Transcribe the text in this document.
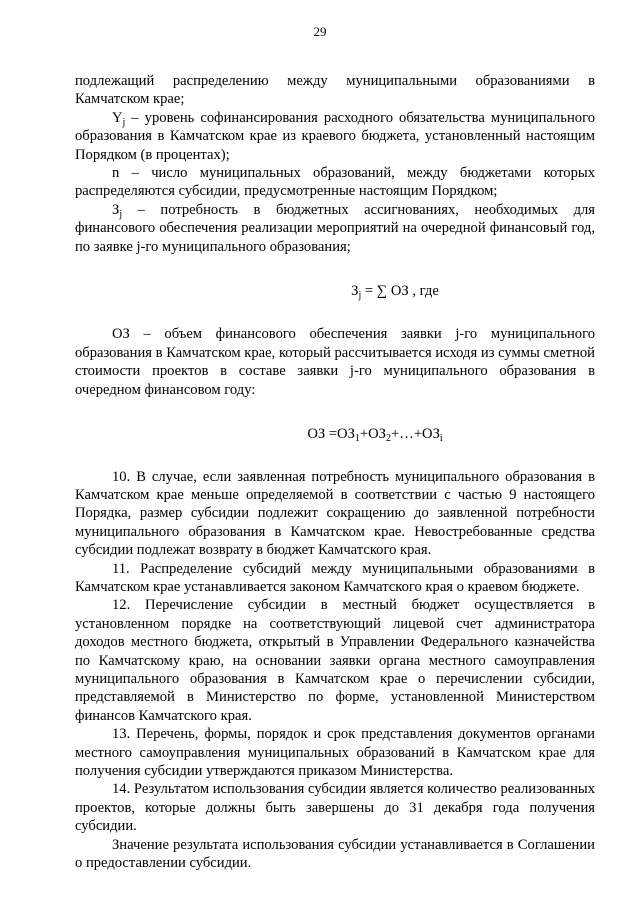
29

подлежащий распределению между муниципальными образованиями в Камчатском крае;

$Y_j$ – уровень софинансирования расходного обязательства муниципального образования в Камчатском крае из краевого бюджета, установленный настоящим Порядком (в процентах);

n – число муниципальных образований, между бюджетами которых распределяются субсидии, предусмотренные настоящим Порядком;

$З_j$ – потребность в бюджетных ассигнованиях, необходимых для финансового обеспечения реализации мероприятий на очередной финансовый год, по заявке j-го муниципального образования;

$З_j$ = ∑ ОЗ , где

ОЗ – объем финансового обеспечения заявки j-го муниципального образования в Камчатском крае, который рассчитывается исходя из суммы сметной стоимости проектов в составе заявки j-го муниципального образования в очередном финансовом году:

ОЗ $=ОЗ_1+ОЗ_2+\dots+ОЗ_i$

10. В случае, если заявленная потребность муниципального образования в Камчатском крае меньше определяемой в соответствии с частью 9 настоящего Порядка, размер субсидии подлежит сокращению до заявленной потребности муниципального образования в Камчатском крае. Невостребованные средства субсидии подлежат возврату в бюджет Камчатского края.

11. Распределение субсидий между муниципальными образованиями в Камчатском крае устанавливается законом Камчатского края о краевом бюджете.

12. Перечисление субсидии в местный бюджет осуществляется в установленном порядке на соответствующий лицевой счет администратора доходов местного бюджета, открытый в Управлении Федерального казначейства по Камчатскому краю, на основании заявки органа местного самоуправления муниципального образования в Камчатском крае о перечислении субсидии, представляемой в Министерство по форме, установленной Министерством финансов Камчатского края.

13. Перечень, формы, порядок и срок представления документов органами местного самоуправления муниципальных образований в Камчатском крае для получения субсидии утверждаются приказом Министерства.

14. Результатом использования субсидии является количество реализованных проектов, которые должны быть завершены до 31 декабря года получения субсидии.

Значение результата использования субсидии устанавливается в Соглашении о предоставлении субсидии.
